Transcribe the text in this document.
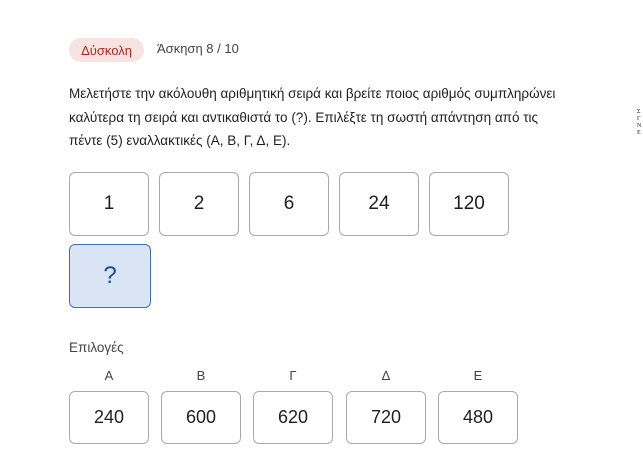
Δύσκολη	Άσκηση 8 / 10
Μελετήστε την ακόλουθη αριθμητική σειρά και βρείτε ποιος αριθμός συμπληρώνει καλύτερα τη σειρά και αντικαθιστά το (?). Επιλέξτε τη σωστή απάντηση από τις πέντε (5) εναλλακτικές (Α, Β, Γ, Δ, Ε).
Σ
Γ
Ν
Ε
1	2	6	24	120
?
Επιλογές
Α	Β	Γ	Δ	Ε
240	600	620	720	480
